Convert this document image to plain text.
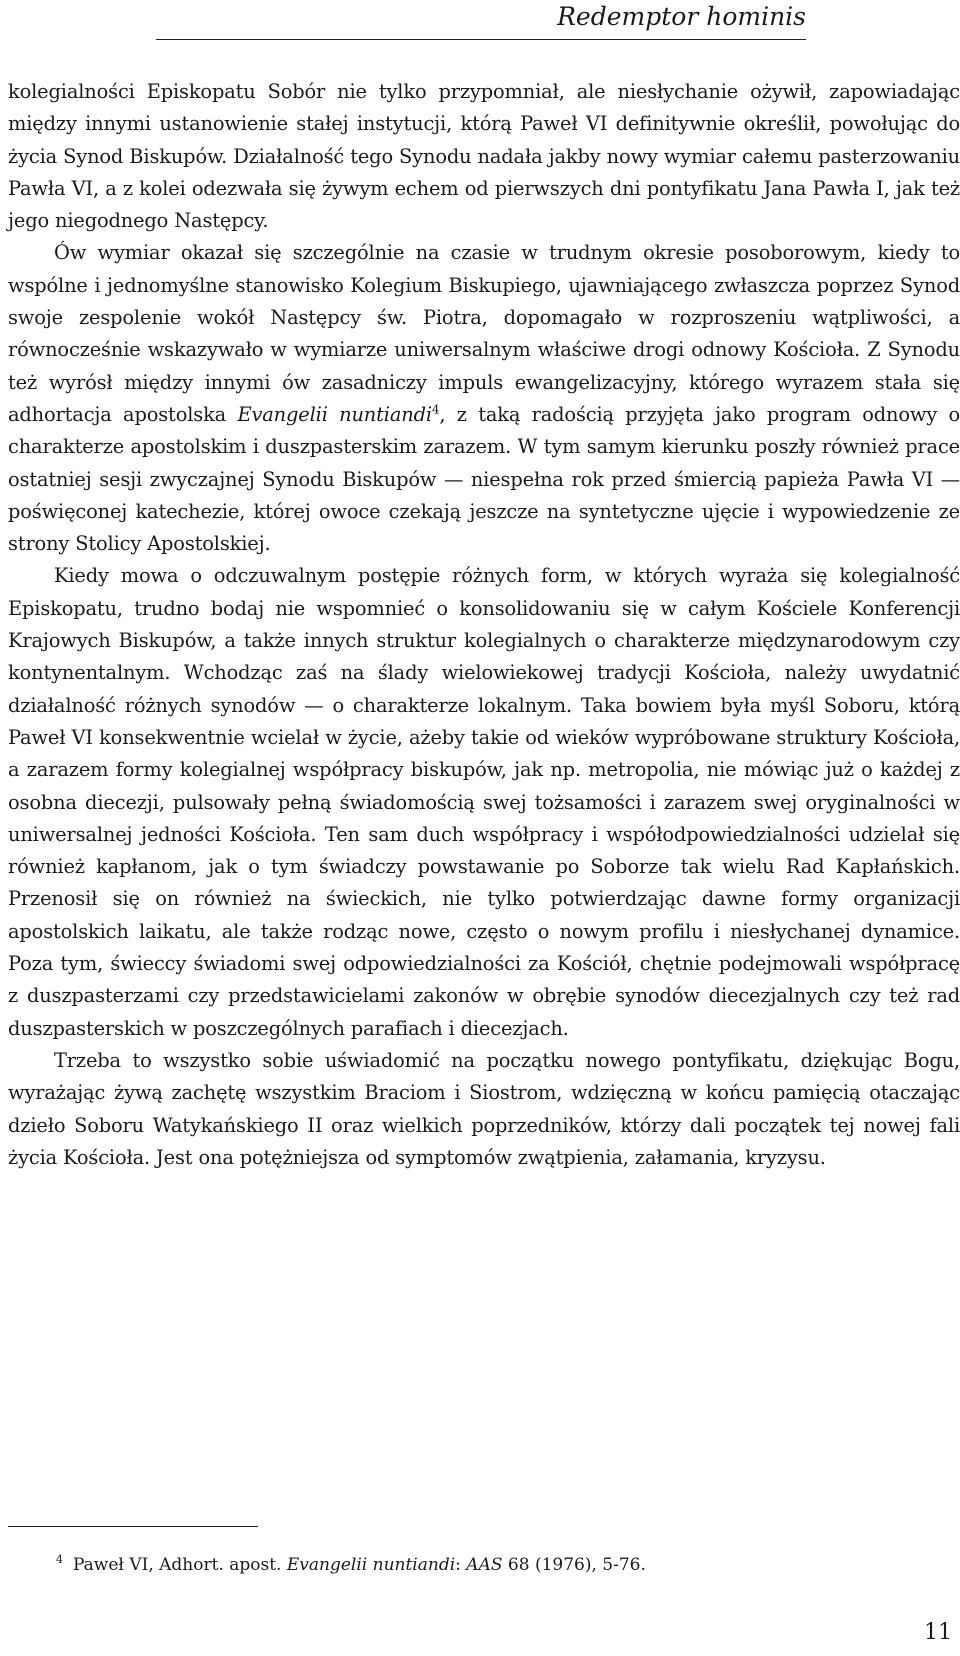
Redemptor hominis

kolegialności Episkopatu Sobór nie tylko przypomniał, ale niesłychanie ożywił, zapowiadając między innymi ustanowienie stałej instytucji, którą Paweł VI definitywnie określił, powołując do życia Synod Biskupów. Działalność tego Synodu nadała jakby nowy wymiar całemu pasterzowaniu Pawła VI, a z kolei odezwała się żywym echem od pierwszych dni pontyfikatu Jana Pawła I, jak też jego niegodnego Następcy.

Ów wymiar okazał się szczególnie na czasie w trudnym okresie posoborowym, kiedy to wspólne i jednomyślne stanowisko Kolegium Biskupiego, ujawniającego zwłaszcza poprzez Synod swoje zespolenie wokół Następcy św. Piotra, dopomagało w rozproszeniu wątpliwości, a równocześnie wskazywało w wymiarze uniwersalnym właściwe drogi odnowy Kościoła. Z Synodu też wyrósł między innymi ów zasadniczy impuls ewangelizacyjny, którego wyrazem stała się adhortacja apostolska Evangelii nuntiandi$^4$, z taką radością przyjęta jako program odnowy o charakterze apostolskim i duszpasterskim zarazem. W tym samym kierunku poszły również prace ostatniej sesji zwyczajnej Synodu Biskupów — niespełna rok przed śmiercią papieża Pawła VI — poświęconej katechezie, której owoce czekają jeszcze na syntetyczne ujęcie i wypowiedzenie ze strony Stolicy Apostolskiej.

Kiedy mowa o odczuwalnym postępie różnych form, w których wyraża się kolegialność Episkopatu, trudno bodaj nie wspomnieć o konsolidowaniu się w całym Kościele Konferencji Krajowych Biskupów, a także innych struktur kolegialnych o charakterze międzynarodowym czy kontynentalnym. Wchodząc zaś na ślady wielowiekowej tradycji Kościoła, należy uwydatnić działalność różnych synodów — o charakterze lokalnym. Taka bowiem była myśl Soboru, którą Paweł VI konsekwentnie wcielał w życie, ażeby takie od wieków wypróbowane struktury Kościoła, a zarazem formy kolegialnej współpracy biskupów, jak np. metropolia, nie mówiąc już o każdej z osobna diecezji, pulsowały pełną świadomością swej tożsamości i zarazem swej oryginalności w uniwersalnej jedności Kościoła. Ten sam duch współpracy i współodpowiedzialności udzielał się również kapłanom, jak o tym świadczy powstawanie po Soborze tak wielu Rad Kapłańskich. Przenosił się on również na świeckich, nie tylko potwierdzając dawne formy organizacji apostolskich laikatu, ale także rodząc nowe, często o nowym profilu i niesłychanej dynamice. Poza tym, świeccy świadomi swej odpowiedzialności za Kościół, chętnie podejmowali współpracę z duszpasterzami czy przedstawicielami zakonów w obrębie synodów diecezjalnych czy też rad duszpasterskich w poszczególnych parafiach i diecezjach.

Trzeba to wszystko sobie uświadomić na początku nowego pontyfikatu, dziękując Bogu, wyrażając żywą zachętę wszystkim Braciom i Siostrom, wdzięczną w końcu pamięcią otaczając dzieło Soboru Watykańskiego II oraz wielkich poprzedników, którzy dali początek tej nowej fali życia Kościoła. Jest ona potężniejsza od symptomów zwątpienia, załamania, kryzysu.

$^4$ Paweł VI, Adhort. apost. Evangelii nuntiandi: AAS 68 (1976), 5-76.
11
